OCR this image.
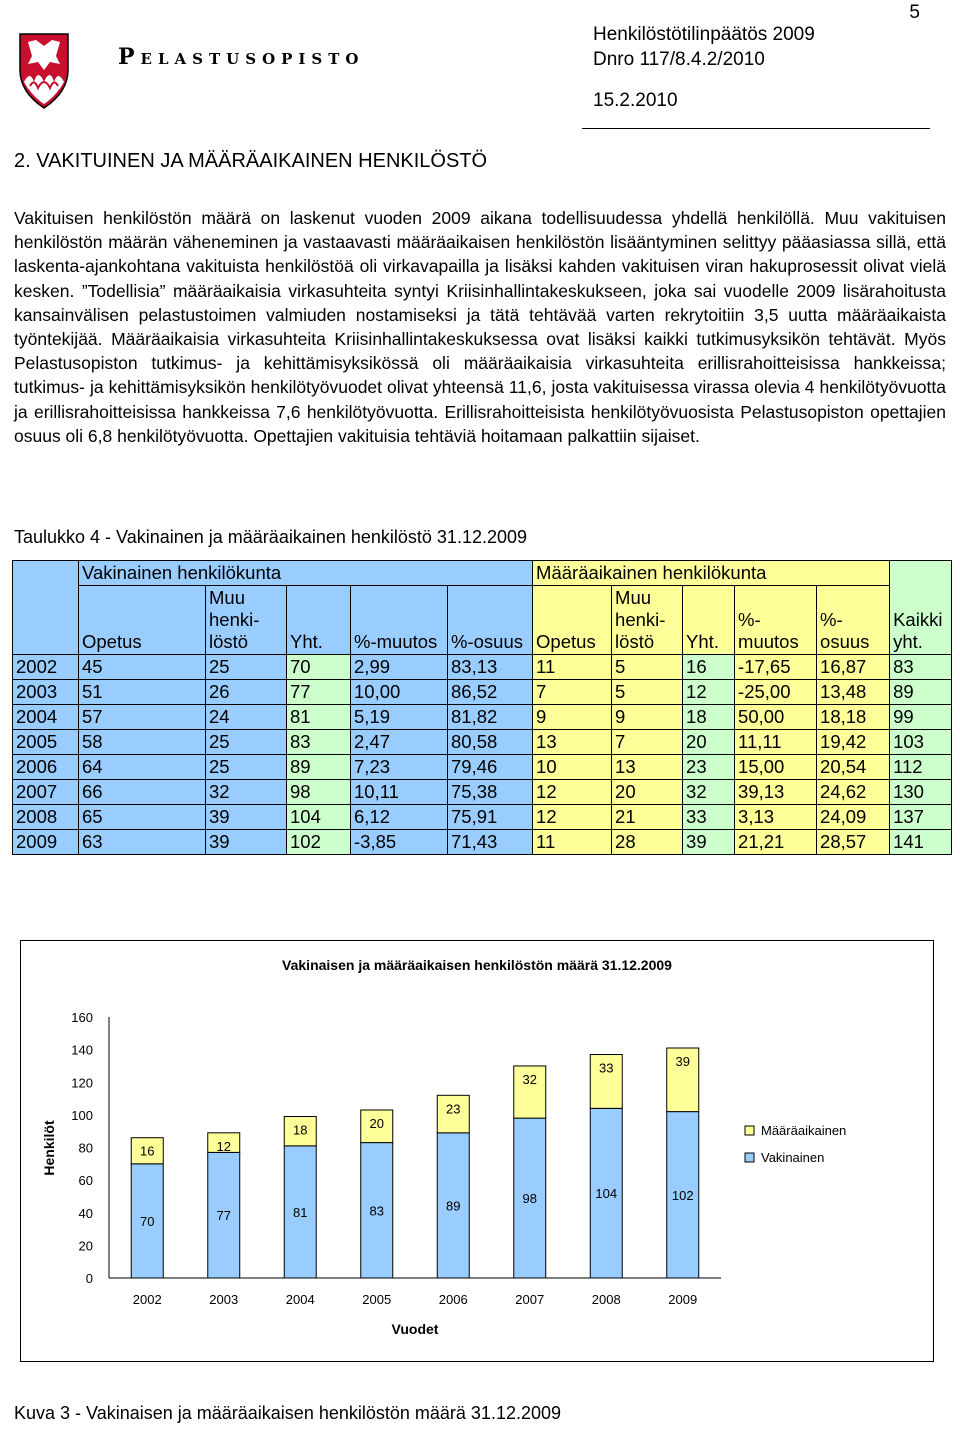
5
Pelastusopisto
Henkilöstötilinpäätös 2009
Dnro 117/8.4.2/2010
15.2.2010
2. VAKITUINEN JA MÄÄRÄAIKAINEN HENKILÖSTÖ

Vakituisen henkilöstön määrä on laskenut vuoden 2009 aikana todellisuudessa yhdellä henkilöllä. Muu vakituisen henkilöstön määrän väheneminen ja vastaavasti määräaikaisen henkilöstön lisääntyminen selittyy pääasiassa sillä, että laskenta-ajankohtana vakituista henkilöstöä oli virkavapailla ja lisäksi kahden vakituisen viran hakuprosessit olivat vielä kesken. ”Todellisia” määräaikaisia virkasuhteita syntyi Kriisinhallintakeskukseen, joka sai vuodelle 2009 lisärahoitusta kansainvälisen pelastustoimen valmiuden nostamiseksi ja tätä tehtävää varten rekrytoitiin 3,5 uutta määräaikaista työntekijää. Määräaikaisia virkasuhteita Kriisinhallintakeskuksessa ovat lisäksi kaikki tutkimusyksikön tehtävät. Myös Pelastusopiston tutkimus- ja kehittämisyksikössä oli määräaikaisia virkasuhteita erillisrahoitteisissa hankkeissa; tutkimus- ja kehittämisyksikön henkilötyövuodet olivat yhteensä 11,6, josta vakituisessa virassa olevia 4 henkilötyövuotta ja erillisrahoitteisissa hankkeissa 7,6 henkilötyövuotta. Erillisrahoitteisista henkilötyövuosista Pelastusopiston opettajien osuus oli 6,8 henkilötyövuotta. Opettajien vakituisia tehtäviä hoitamaan palkattiin sijaiset.

Taulukko 4 - Vakinainen ja määräaikainen henkilöstö 31.12.2009
	Vakinainen henkilökunta					Määräaikainen henkilökunta					Kaikki yht.
	Opetus	Muu henki-löstö	Yht.	%-muutos	%-osuus	Opetus	Muu henki-löstö	Yht.	%-muutos	%-osuus	
2002	45	25	70	2,99	83,13	11	5	16	-17,65	16,87	83
2003	51	26	77	10,00	86,52	7	5	12	-25,00	13,48	89
2004	57	24	81	5,19	81,82	9	9	18	50,00	18,18	99
2005	58	25	83	2,47	80,58	13	7	20	11,11	19,42	103
2006	64	25	89	7,23	79,46	10	13	23	15,00	20,54	112
2007	66	32	98	10,11	75,38	12	20	32	39,13	24,62	130
2008	65	39	104	6,12	75,91	12	21	33	3,13	24,09	137
2009	63	39	102	-3,85	71,43	11	28	39	21,21	28,57	141
Vakinaisen ja määräaikaisen henkilöstön määrä 31.12.2009
0
20
40
60
80
100
120
140
160
Henkilöt
Vuodet
70
16
2002
77
12
2003
81
18
2004
83
20
2005
89
23
2006
98
32
2007
104
33
2008
102
39
2009
Määräaikainen
Vakinainen
Kuva 3 - Vakinaisen ja määräaikaisen henkilöstön määrä 31.12.2009
